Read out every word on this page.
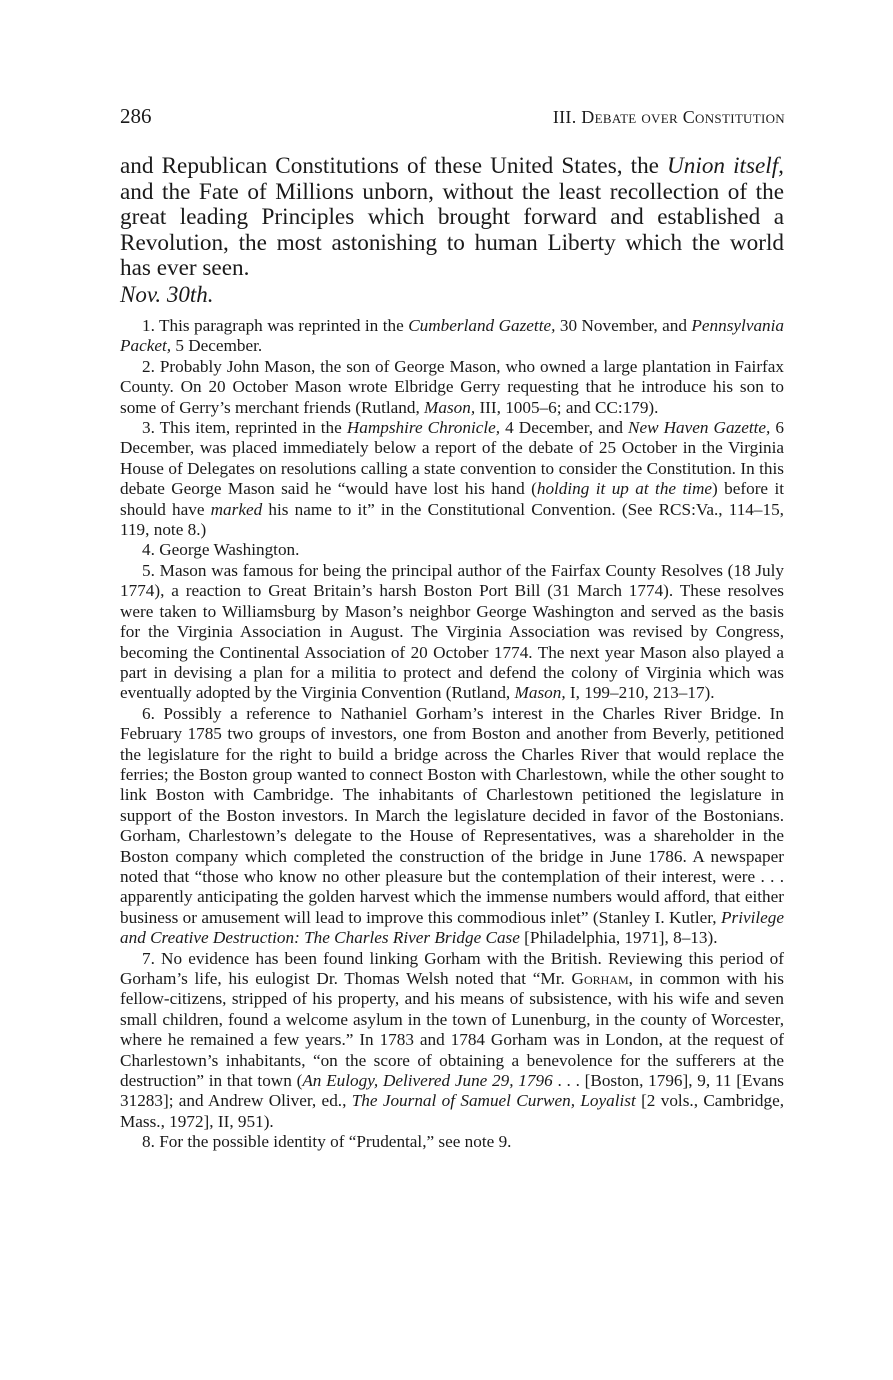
286	III. Debate over Constitution

and Republican Constitutions of these United States, the Union itself, and the Fate of Millions unborn, without the least recollection of the great leading Principles which brought forward and established a Revolution, the most astonishing to human Liberty which the world has ever seen.

Nov. 30th.

1. This paragraph was reprinted in the Cumberland Gazette, 30 November, and Pennsylvania Packet, 5 December.

2. Probably John Mason, the son of George Mason, who owned a large plantation in Fairfax County. On 20 October Mason wrote Elbridge Gerry requesting that he introduce his son to some of Gerry’s merchant friends (Rutland, Mason, III, 1005–6; and CC:179).

3. This item, reprinted in the Hampshire Chronicle, 4 December, and New Haven Gazette, 6 December, was placed immediately below a report of the debate of 25 October in the Virginia House of Delegates on resolutions calling a state convention to consider the Constitution. In this debate George Mason said he “would have lost his hand (holding it up at the time) before it should have marked his name to it” in the Constitutional Convention. (See RCS:Va., 114–15, 119, note 8.)

4. George Washington.

5. Mason was famous for being the principal author of the Fairfax County Resolves (18 July 1774), a reaction to Great Britain’s harsh Boston Port Bill (31 March 1774). These resolves were taken to Williamsburg by Mason’s neighbor George Washington and served as the basis for the Virginia Association in August. The Virginia Association was revised by Congress, becoming the Continental Association of 20 October 1774. The next year Mason also played a part in devising a plan for a militia to protect and defend the colony of Virginia which was eventually adopted by the Virginia Convention (Rutland, Mason, I, 199–210, 213–17).

6. Possibly a reference to Nathaniel Gorham’s interest in the Charles River Bridge. In February 1785 two groups of investors, one from Boston and another from Beverly, petitioned the legislature for the right to build a bridge across the Charles River that would replace the ferries; the Boston group wanted to connect Boston with Charlestown, while the other sought to link Boston with Cambridge. The inhabitants of Charlestown petitioned the legislature in support of the Boston investors. In March the legislature decided in favor of the Bostonians. Gorham, Charlestown’s delegate to the House of Representatives, was a shareholder in the Boston company which completed the construction of the bridge in June 1786. A newspaper noted that “those who know no other pleasure but the contemplation of their interest, were . . . apparently anticipating the golden harvest which the immense numbers would afford, that either business or amusement will lead to improve this commodious inlet” (Stanley I. Kutler, Privilege and Creative Destruction: The Charles River Bridge Case [Philadelphia, 1971], 8–13).

7. No evidence has been found linking Gorham with the British. Reviewing this period of Gorham’s life, his eulogist Dr. Thomas Welsh noted that “Mr. Gorham, in common with his fellow-citizens, stripped of his property, and his means of subsistence, with his wife and seven small children, found a welcome asylum in the town of Lunenburg, in the county of Worcester, where he remained a few years.” In 1783 and 1784 Gorham was in London, at the request of Charlestown’s inhabitants, “on the score of obtaining a benevolence for the sufferers at the destruction” in that town (An Eulogy, Delivered June 29, 1796 . . . [Boston, 1796], 9, 11 [Evans 31283]; and Andrew Oliver, ed., The Journal of Samuel Curwen, Loyalist [2 vols., Cambridge, Mass., 1972], II, 951).

8. For the possible identity of “Prudental,” see note 9.
